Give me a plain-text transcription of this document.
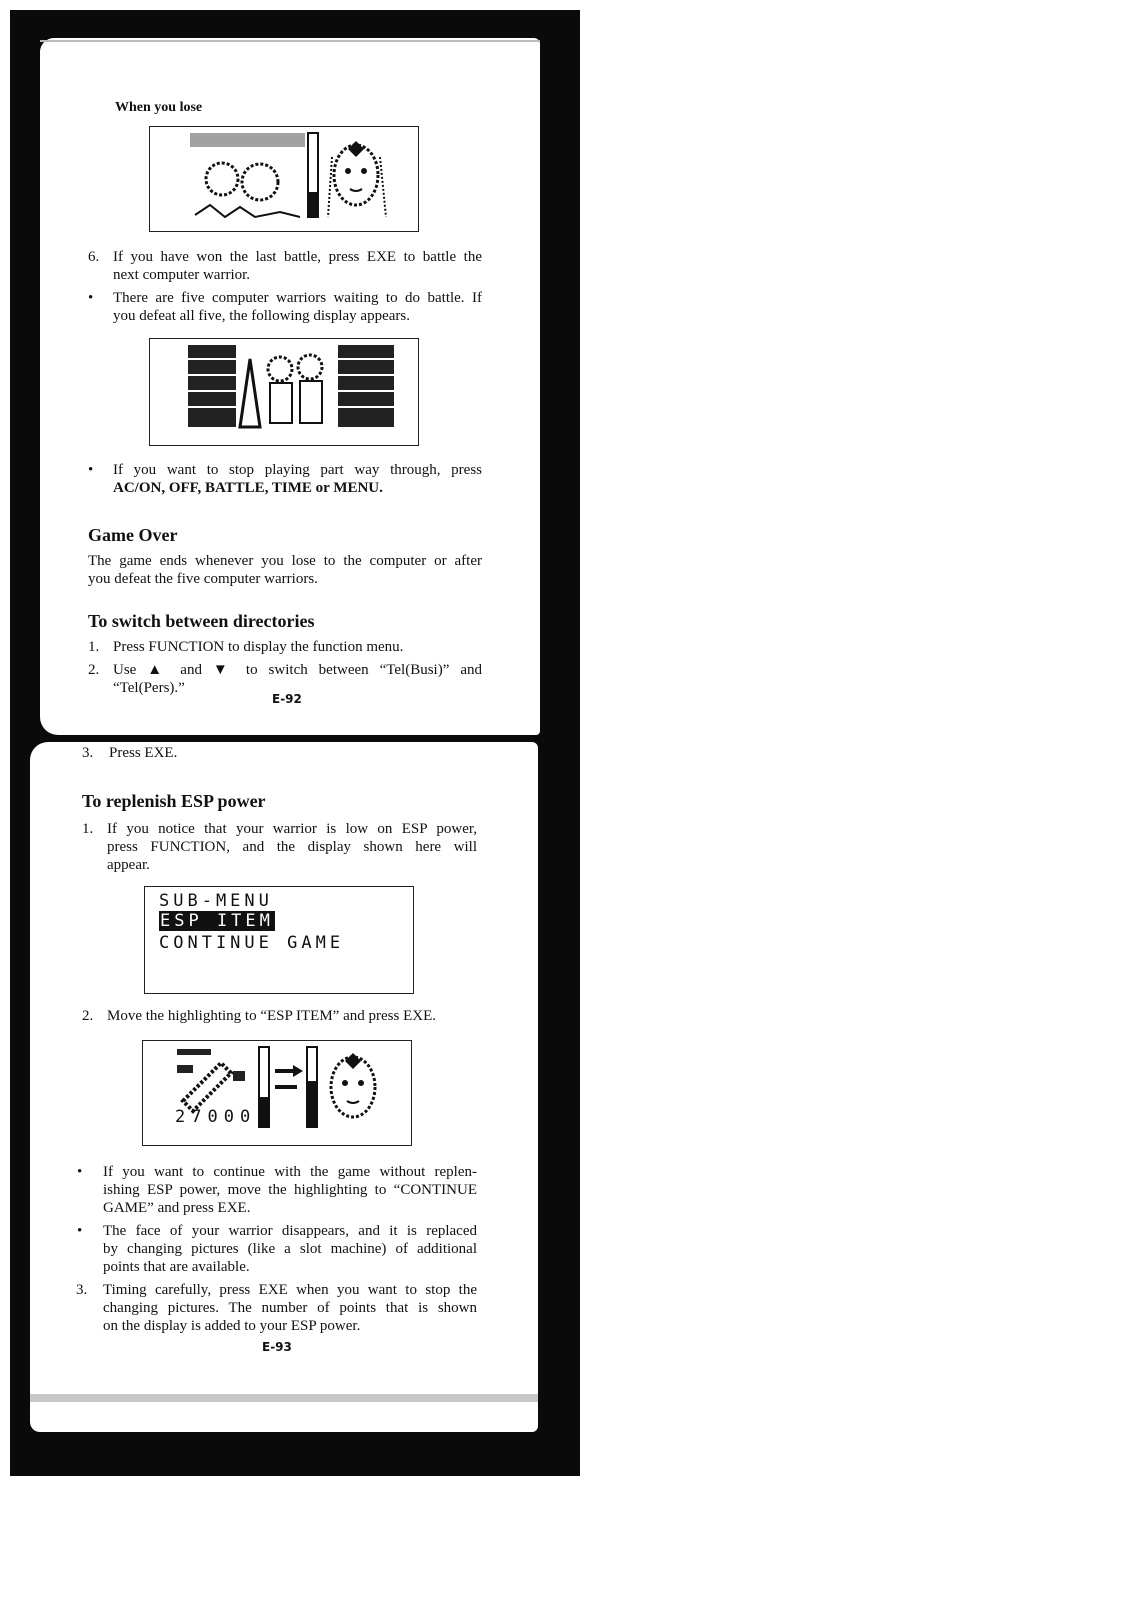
When you lose

6. If you have won the last battle, press EXE to battle the

next computer warrior.

• There are five computer warriors waiting to do battle. If

you defeat all five, the following display appears.

• If you want to stop playing part way through, press

AC/ON, OFF, BATTLE, TIME or MENU.

Game Over

The game ends whenever you lose to the computer or after

you defeat the five computer warriors.

To switch between directories

1. Press FUNCTION to display the function menu.

2. Use ▲ and ▼ to switch between “Tel(Busi)” and

“Tel(Pers).”

E-92
3. Press EXE.

To replenish ESP power

1. If you notice that your warrior is low on ESP power,

press FUNCTION, and the display shown here will

appear.

SUB-MENU
ESP ITEM
CONTINUE GAME
2. Move the highlighting to “ESP ITEM” and press EXE.

27000
• If you want to continue with the game without replen-

ishing ESP power, move the highlighting to “CONTINUE

GAME” and press EXE.

• The face of your warrior disappears, and it is replaced

by changing pictures (like a slot machine) of additional

points that are available.

3. Timing carefully, press EXE when you want to stop the

changing pictures. The number of points that is shown

on the display is added to your ESP power.

E-93
